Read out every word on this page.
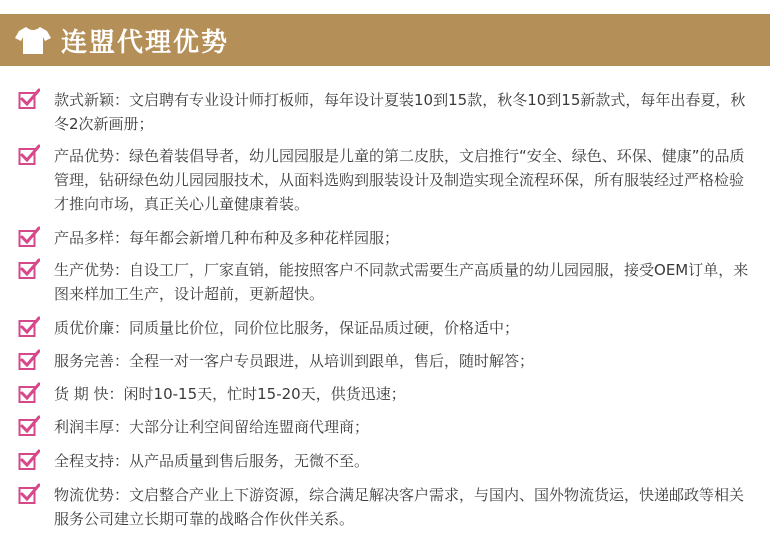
连盟代理优势
款式新颖：文启聘有专业设计师打板师，每年设计夏装10到15款，秋冬10到15新款式，每年出春夏，秋冬2次新画册；
产品优势：绿色着装倡导者，幼儿园园服是儿童的第二皮肤，文启推行“安全、绿色、环保、健康”的品质管理，钻研绿色幼儿园园服技术，从面料选购到服装设计及制造实现全流程环保，所有服装经过严格检验才推向市场，真正关心儿童健康着装。
产品多样：每年都会新增几种布种及多种花样园服；
生产优势：自设工厂，厂家直销，能按照客户不同款式需要生产高质量的幼儿园园服，接受OEM订单，来图来样加工生产，设计超前，更新超快。
质优价廉：同质量比价位，同价位比服务，保证品质过硬，价格适中；
服务完善：全程一对一客户专员跟进，从培训到跟单，售后，随时解答；
货 期 快：闲时10-15天，忙时15-20天，供货迅速；
利润丰厚：大部分让利空间留给连盟商代理商；
全程支持：从产品质量到售后服务，无微不至。
物流优势：文启整合产业上下游资源，综合满足解决客户需求，与国内、国外物流货运，快递邮政等相关服务公司建立长期可靠的战略合作伙伴关系。
